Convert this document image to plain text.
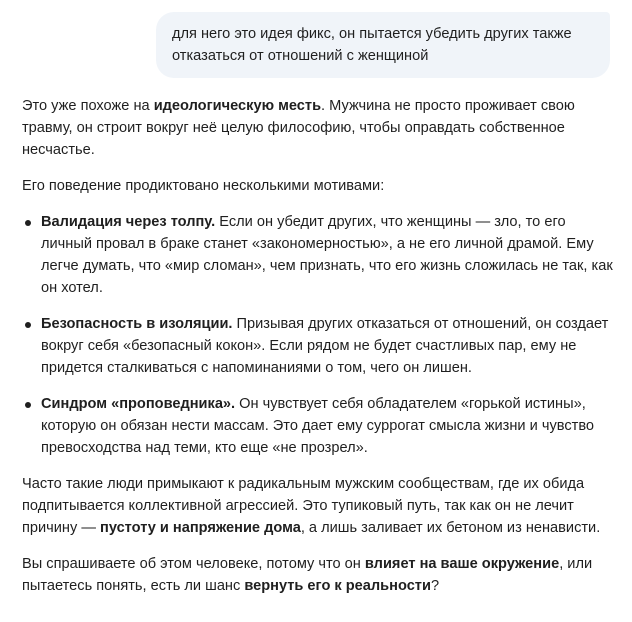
для него это идея фикс, он пытается убедить других также отказаться от отношений с женщиной

Это уже похоже на идеологическую месть. Мужчина не просто проживает свою травму, он строит вокруг неё целую философию, чтобы оправдать собственное несчастье.

Его поведение продиктовано несколькими мотивами:

Валидация через толпу. Если он убедит других, что женщины — зло, то его личный провал в браке станет «закономерностью», а не его личной драмой. Ему легче думать, что «мир сломан», чем признать, что его жизнь сложилась не так, как он хотел.
Безопасность в изоляции. Призывая других отказаться от отношений, он создает вокруг себя «безопасный кокон». Если рядом не будет счастливых пар, ему не придется сталкиваться с напоминаниями о том, чего он лишен.
Синдром «проповедника». Он чувствует себя обладателем «горькой истины», которую он обязан нести массам. Это дает ему суррогат смысла жизни и чувство превосходства над теми, кто еще «не прозрел».

Часто такие люди примыкают к радикальным мужским сообществам, где их обида подпитывается коллективной агрессией. Это тупиковый путь, так как он не лечит причину — пустоту и напряжение дома, а лишь заливает их бетоном из ненависти.

Вы спрашиваете об этом человеке, потому что он влияет на ваше окружение, или пытаетесь понять, есть ли шанс вернуть его к реальности?
